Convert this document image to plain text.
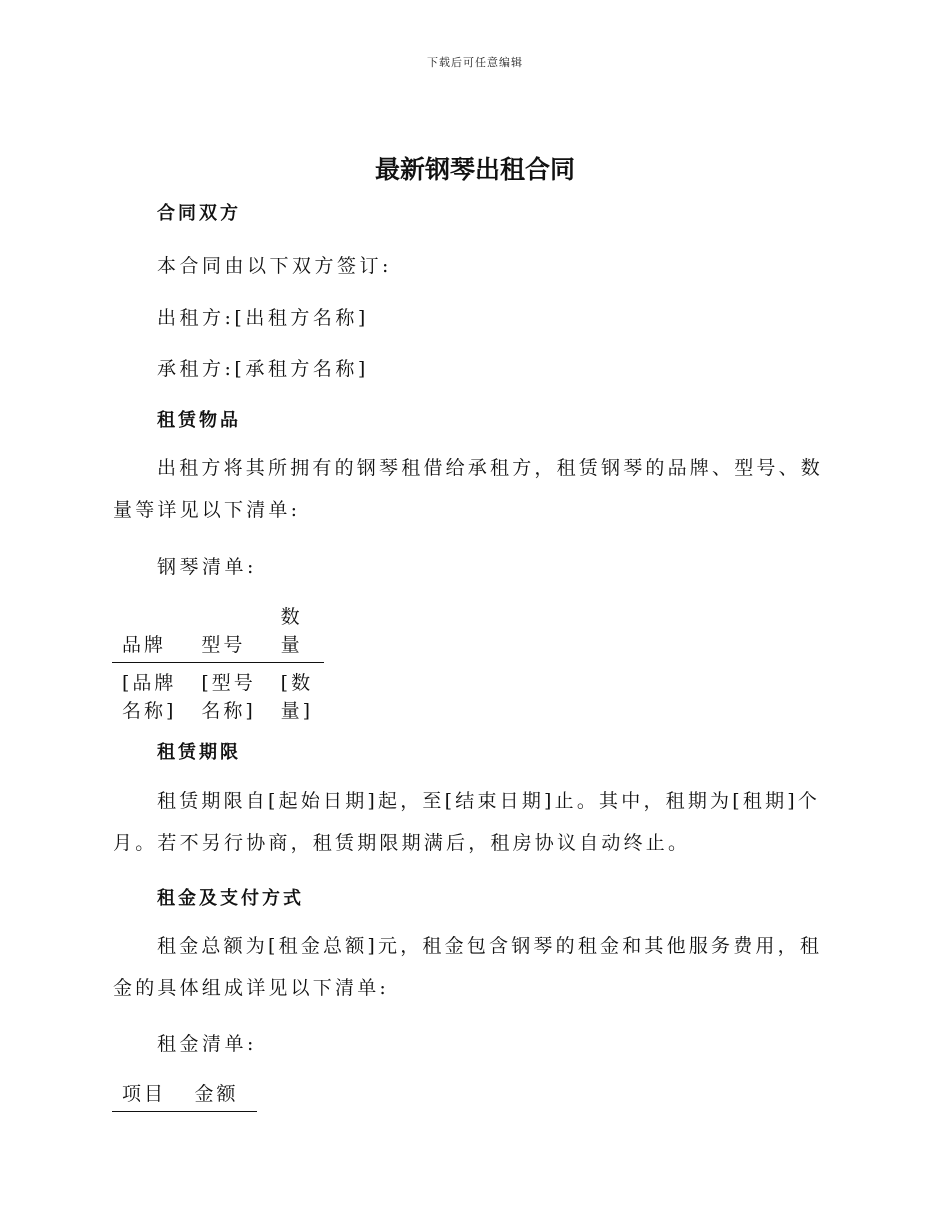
下载后可任意编辑
最新钢琴出租合同
合同双方
本合同由以下双方签订:
出租方:[出租方名称]
承租方:[承租方名称]
租赁物品
出租方将其所拥有的钢琴租借给承租方，租赁钢琴的品牌、型号、数量等详见以下清单:
钢琴清单:
品牌	型号	数量
[品牌名称]	[型号名称]	[数量]
租赁期限
租赁期限自[起始日期]起，至[结束日期]止。其中，租期为[租期]个月。若不另行协商，租赁期限期满后，租房协议自动终止。
租金及支付方式
租金总额为[租金总额]元，租金包含钢琴的租金和其他服务费用，租金的具体组成详见以下清单:
租金清单:
项目	金额
